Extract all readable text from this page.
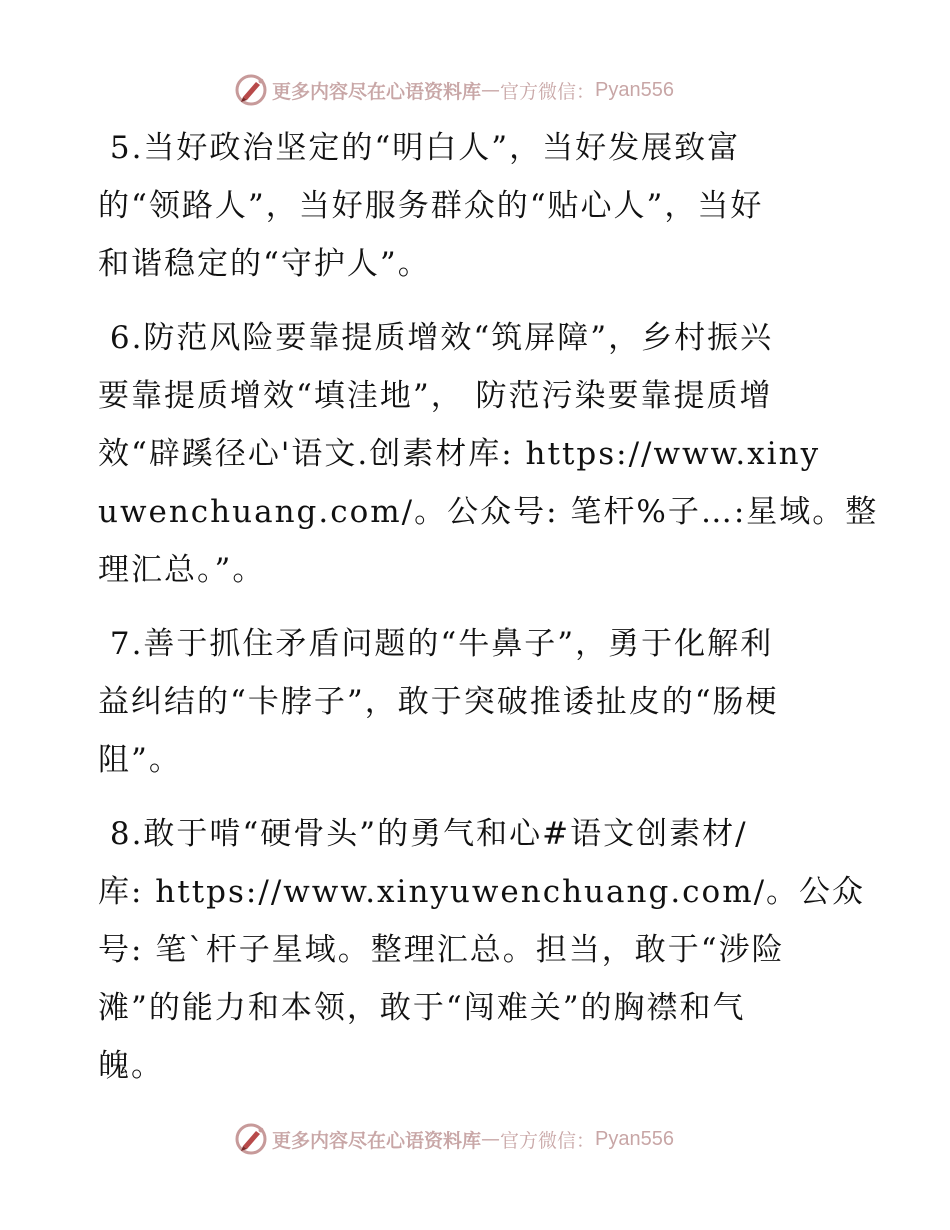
更多内容尽在心语资料库 — 官方微信： Pyan556
5.当好政治坚定的“明白人”，当好发展致富
的“领路人”，当好服务群众的“贴心人”，当好
和谐稳定的“守护人”。
6.防范风险要靠提质增效“筑屏障”，乡村振兴
要靠提质增效“填洼地”， 防范污染要靠提质增
效“辟蹊径心'语文.创素材库: https://www.xiny
uwenchuang.com/。公众号: 笔杆%子…:星域。整
理汇总。”。
7.善于抓住矛盾问题的“牛鼻子”，勇于化解利
益纠结的“卡脖子”，敢于突破推诿扯皮的“肠梗
阻”。
8.敢于啃“硬骨头”的勇气和心#语文创素材/
库: https://www.xinyuwenchuang.com/。公众
号: 笔`杆子星域。整理汇总。担当，敢于“涉险
滩”的能力和本领，敢于“闯难关”的胸襟和气
魄。
更多内容尽在心语资料库 — 官方微信： Pyan556
